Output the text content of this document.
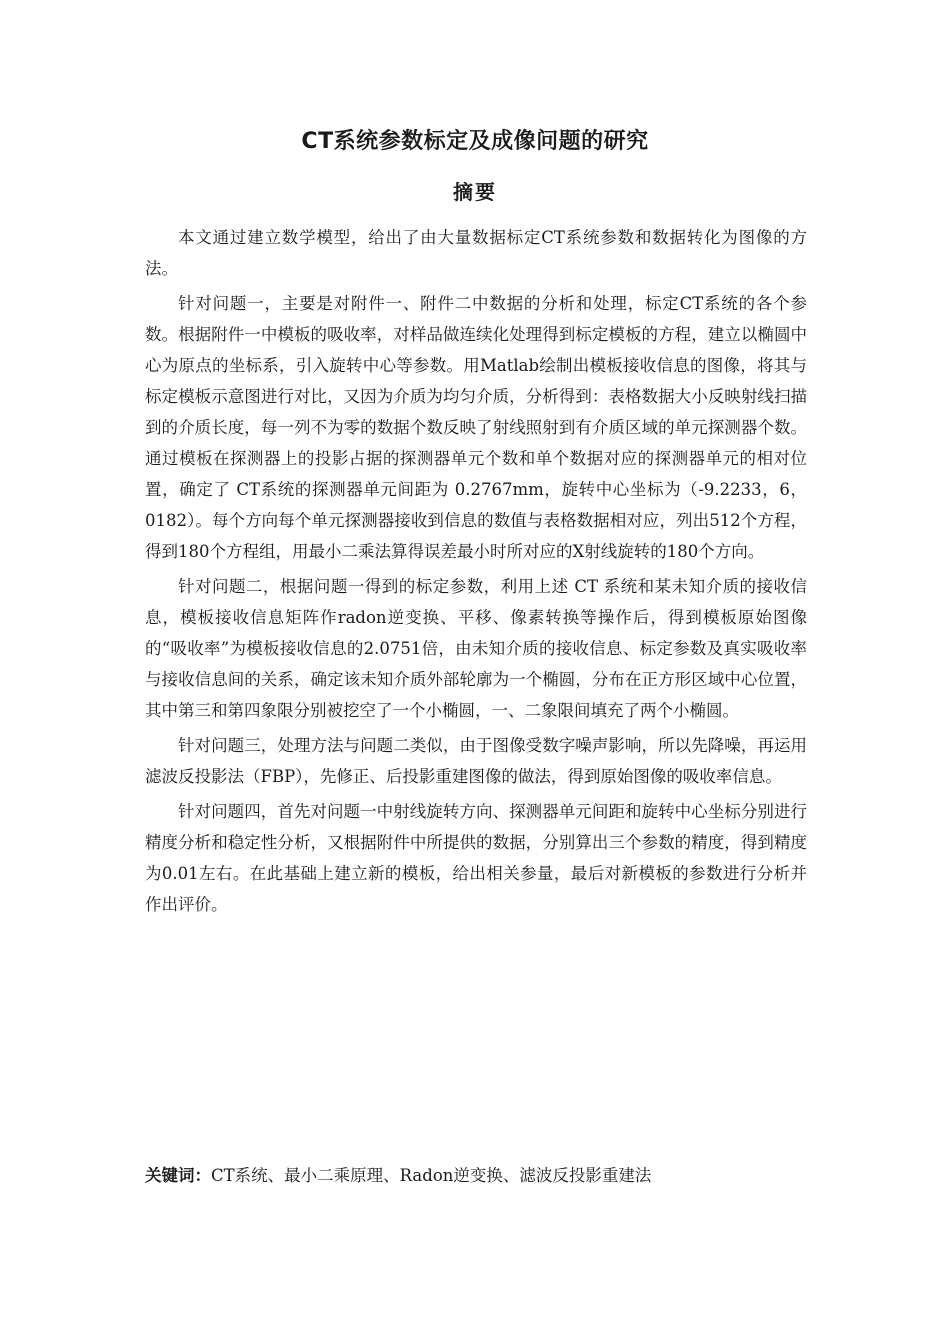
CT系统参数标定及成像问题的研究
摘要

本文通过建立数学模型，给出了由大量数据标定CT系统参数和数据转化为图像的方法。

针对问题一，主要是对附件一、附件二中数据的分析和处理，标定CT系统的各个参数。根据附件一中模板的吸收率，对样品做连续化处理得到标定模板的方程，建立以椭圆中心为原点的坐标系，引入旋转中心等参数。用Matlab绘制出模板接收信息的图像，将其与标定模板示意图进行对比，又因为介质为均匀介质，分析得到：表格数据大小反映射线扫描到的介质长度，每一列不为零的数据个数反映了射线照射到有介质区域的单元探测器个数。通过模板在探测器上的投影占据的探测器单元个数和单个数据对应的探测器单元的相对位置，确定了 CT系统的探测器单元间距为 0.2767mm，旋转中心坐标为（-9.2233，6，0182）。每个方向每个单元探测器接收到信息的数值与表格数据相对应，列出512个方程，得到180个方程组，用最小二乘法算得误差最小时所对应的X射线旋转的180个方向。

针对问题二，根据问题一得到的标定参数，利用上述 CT 系统和某未知介质的接收信息，模板接收信息矩阵作radon逆变换、平移、像素转换等操作后，得到模板原始图像的“吸收率”为模板接收信息的2.0751倍，由未知介质的接收信息、标定参数及真实吸收率与接收信息间的关系，确定该未知介质外部轮廓为一个椭圆，分布在正方形区域中心位置，其中第三和第四象限分别被挖空了一个小椭圆，一、二象限间填充了两个小椭圆。

针对问题三，处理方法与问题二类似，由于图像受数字噪声影响，所以先降噪，再运用滤波反投影法（FBP），先修正、后投影重建图像的做法，得到原始图像的吸收率信息。

针对问题四，首先对问题一中射线旋转方向、探测器单元间距和旋转中心坐标分别进行精度分析和稳定性分析，又根据附件中所提供的数据，分别算出三个参数的精度，得到精度为0.01左右。在此基础上建立新的模板，给出相关参量，最后对新模板的参数进行分析并作出评价。

关键词：CT系统、最小二乘原理、Radon逆变换、滤波反投影重建法
